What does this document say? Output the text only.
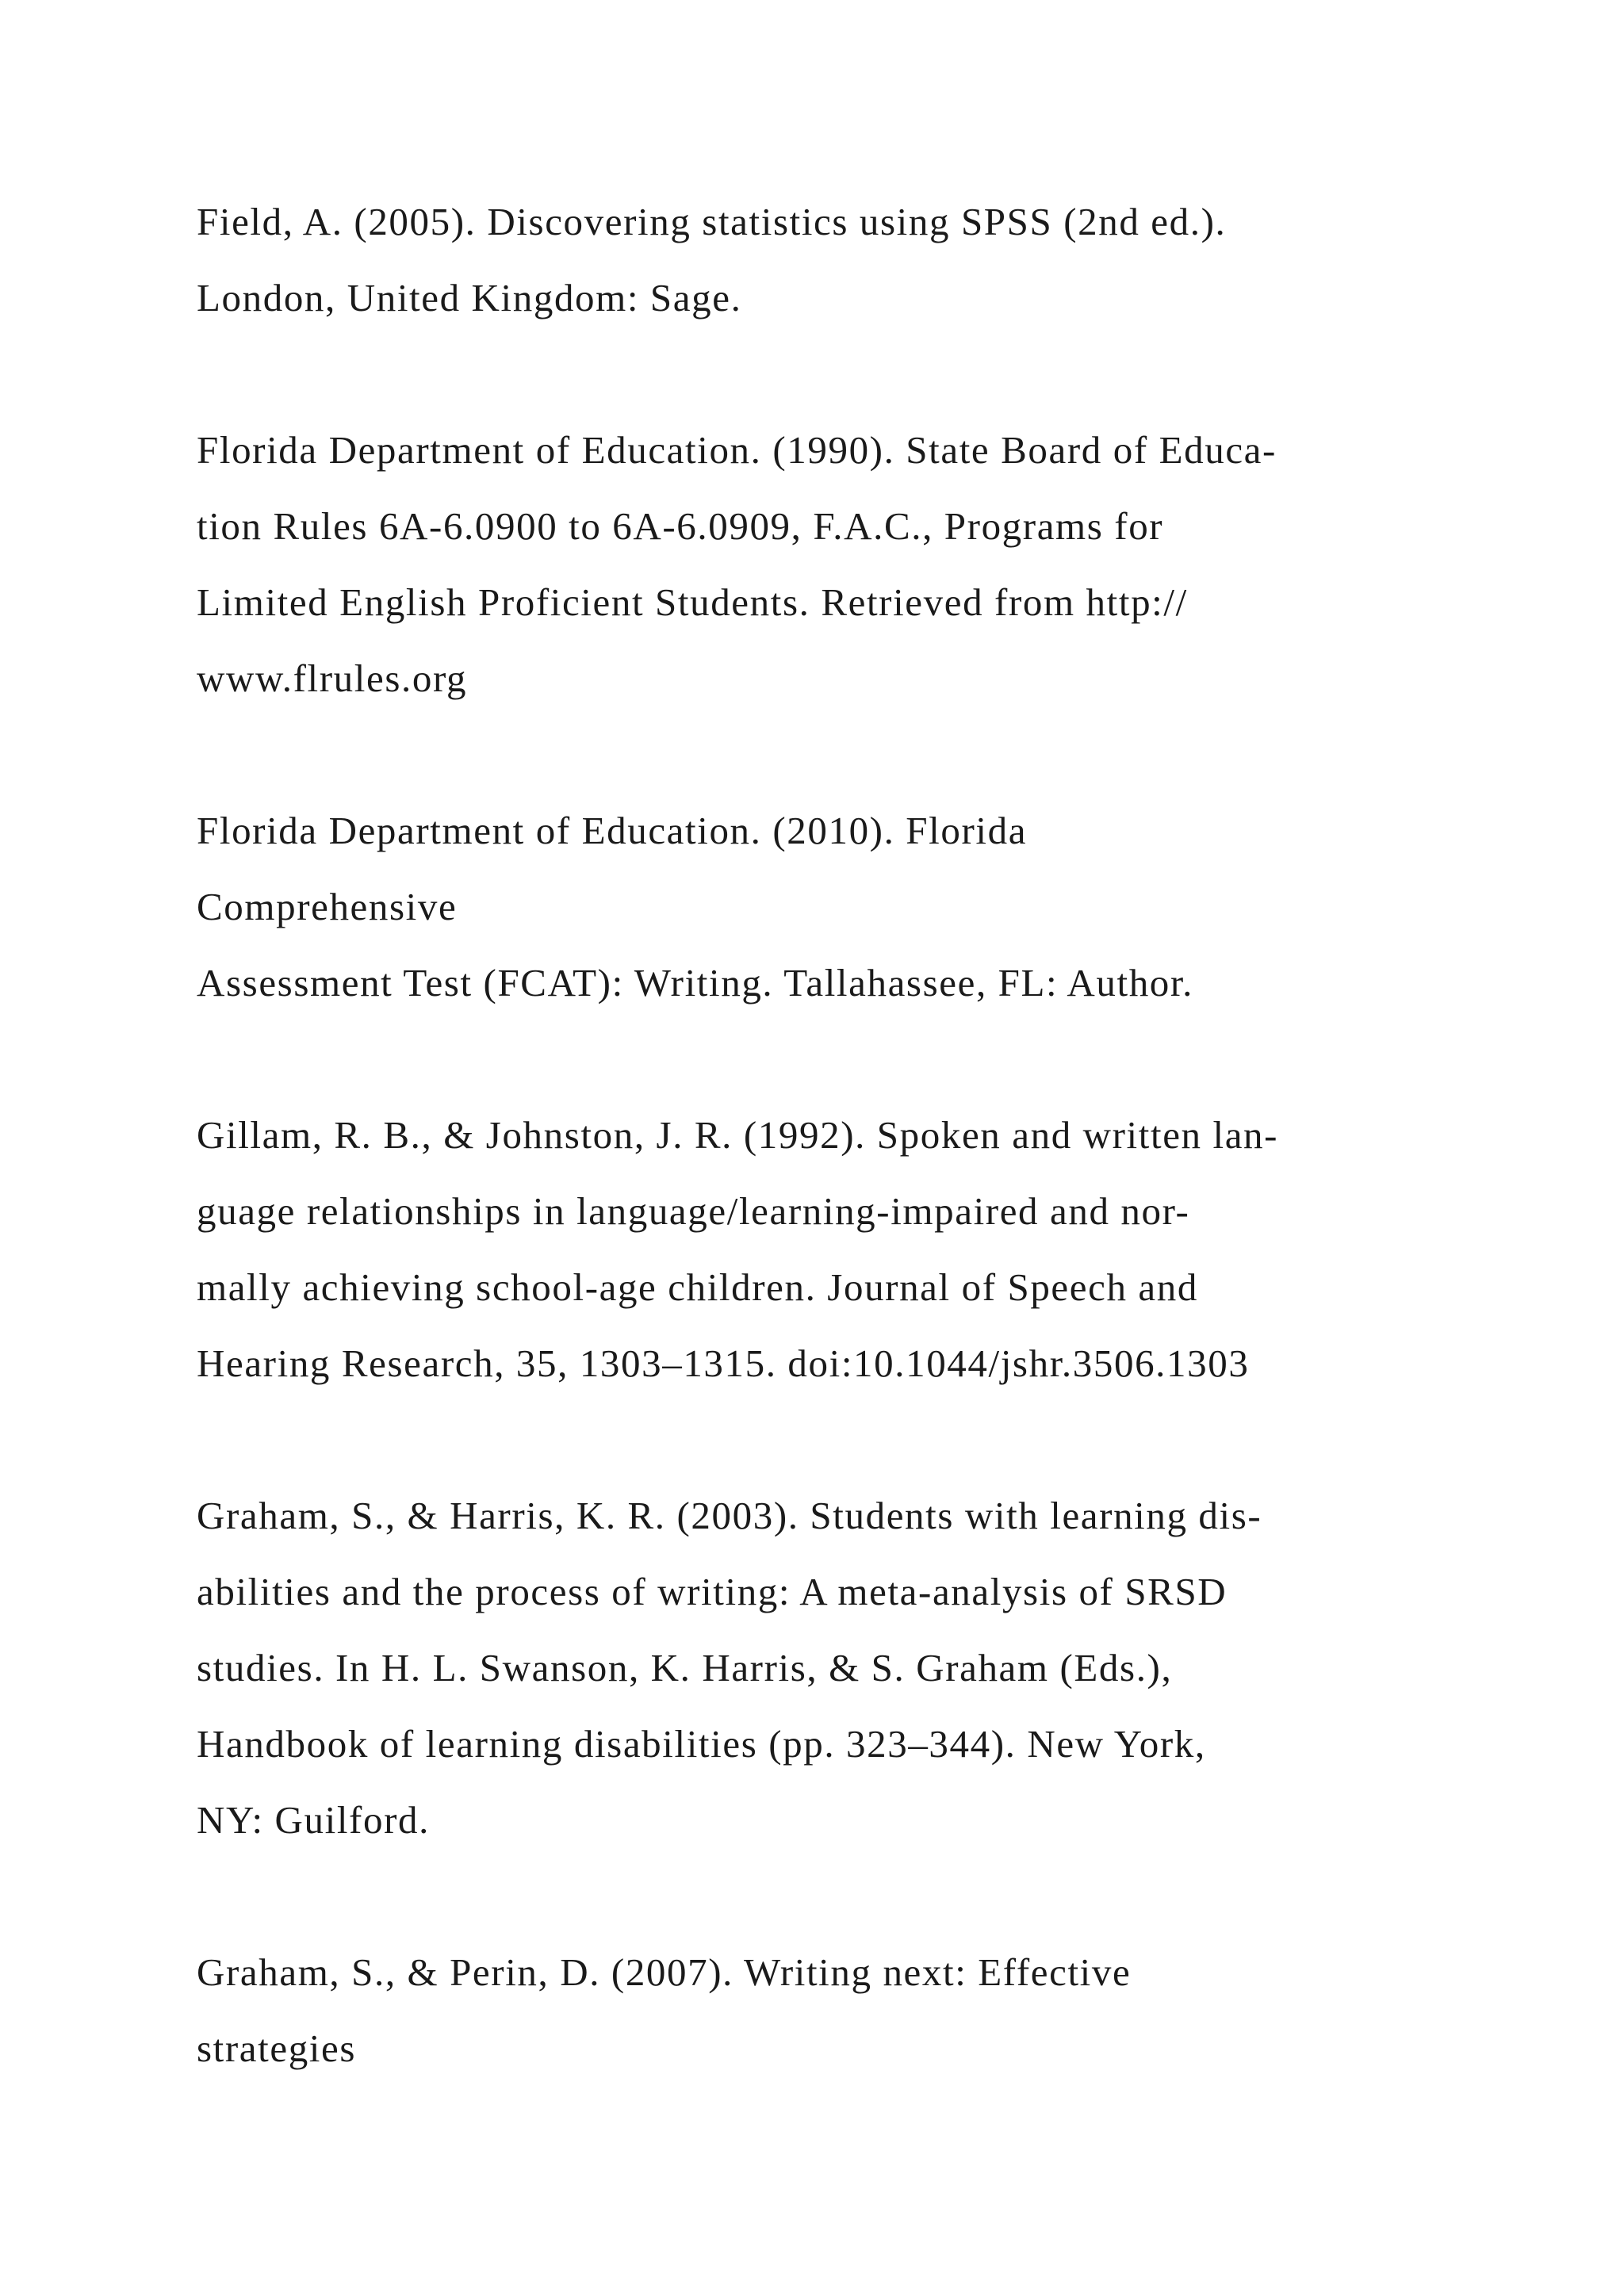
Field, A. (2005). Discovering statistics using SPSS (2nd ed.).
London, United Kingdom: Sage.
Florida Department of Education. (1990). State Board of Educa-
tion Rules 6A-6.0900 to 6A-6.0909, F.A.C., Programs for
Limited English Proficient Students. Retrieved from http://
www.flrules.org
Florida Department of Education. (2010). Florida
Comprehensive
Assessment Test (FCAT): Writing. Tallahassee, FL: Author.
Gillam, R. B., & Johnston, J. R. (1992). Spoken and written lan-
guage relationships in language/learning-impaired and nor-
mally achieving school-age children. Journal of Speech and
Hearing Research, 35, 1303–1315. doi:10.1044/jshr.3506.1303
Graham, S., & Harris, K. R. (2003). Students with learning dis-
abilities and the process of writing: A meta-analysis of SRSD
studies. In H. L. Swanson, K. Harris, & S. Graham (Eds.),
Handbook of learning disabilities (pp. 323–344). New York,
NY: Guilford.
Graham, S., & Perin, D. (2007). Writing next: Effective
strategies
